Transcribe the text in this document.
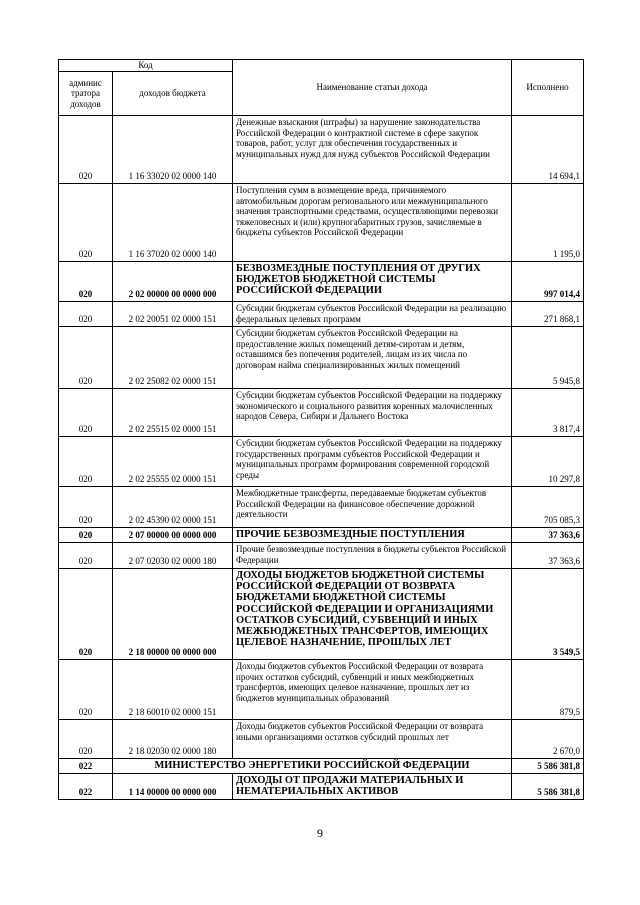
Код		Наименование статьи дохода	Исполнено
админис тратора доходов	доходов бюджета		
020	1 16 33020 02 0000 140	Денежные взыскания (штрафы) за нарушение законодательства Российской Федерации о контрактной системе в сфере закупок товаров, работ, услуг для обеспечения государственных и муниципальных нужд для нужд субъектов Российской Федерации	14 694,1
020	1 16 37020 02 0000 140	Поступления сумм в возмещение вреда, причиняемого автомобильным дорогам регионального или межмуниципального значения транспортными средствами, осуществляющими перевозки тяжеловесных и (или) крупногабаритных грузов, зачисляемые в бюджеты субъектов Российской Федерации	1 195,0
020	2 02 00000 00 0000 000	БЕЗВОЗМЕЗДНЫЕ ПОСТУПЛЕНИЯ ОТ ДРУГИХ БЮДЖЕТОВ БЮДЖЕТНОЙ СИСТЕМЫ РОССИЙСКОЙ ФЕДЕРАЦИИ	997 014,4
020	2 02 20051 02 0000 151	Субсидии бюджетам субъектов Российской Федерации на реализацию федеральных целевых программ	271 868,1
020	2 02 25082 02 0000 151	Субсидии бюджетам субъектов Российской Федерации на предоставление жилых помещений детям-сиротам и детям, оставшимся без попечения родителей, лицам из их числа по договорам найма специализированных жилых помещений	5 945,8
020	2 02 25515 02 0000 151	Субсидии бюджетам субъектов Российской Федерации на поддержку экономического и социального развития коренных малочисленных народов Севера, Сибири и Дальнего Востока	3 817,4
020	2 02 25555 02 0000 151	Субсидии бюджетам субъектов Российской Федерации на поддержку государственных программ субъектов Российской Федерации и муниципальных программ формирования современной городской среды	10 297,8
020	2 02 45390 02 0000 151	Межбюджетные трансферты, передаваемые бюджетам субъектов Российской Федерации на финансовое обеспечение дорожной деятельности	705 085,3
020	2 07 00000 00 0000 000	ПРОЧИЕ БЕЗВОЗМЕЗДНЫЕ ПОСТУПЛЕНИЯ	37 363,6
020	2 07 02030 02 0000 180	Прочие безвозмездные поступления в бюджеты субъектов Российской Федерации	37 363,6
020	2 18 00000 00 0000 000	ДОХОДЫ БЮДЖЕТОВ БЮДЖЕТНОЙ СИСТЕМЫ РОССИЙСКОЙ ФЕДЕРАЦИИ ОТ ВОЗВРАТА БЮДЖЕТАМИ БЮДЖЕТНОЙ СИСТЕМЫ РОССИЙСКОЙ ФЕДЕРАЦИИ И ОРГАНИЗАЦИЯМИ ОСТАТКОВ СУБСИДИЙ, СУБВЕНЦИЙ И ИНЫХ МЕЖБЮДЖЕТНЫХ ТРАНСФЕРТОВ, ИМЕЮЩИХ ЦЕЛЕВОЕ НАЗНАЧЕНИЕ, ПРОШЛЫХ ЛЕТ	3 549,5
020	2 18 60010 02 0000 151	Доходы бюджетов субъектов Российской Федерации от возврата прочих остатков субсидий, субвенций и иных межбюджетных трансфертов, имеющих целевое назначение, прошлых лет из бюджетов муниципальных образований	879,5
020	2 18 02030 02 0000 180	Доходы бюджетов субъектов Российской Федерации от возврата иными организациями остатков субсидий прошлых лет	2 670,0
022	МИНИСТЕРСТВО ЭНЕРГЕТИКИ РОССИЙСКОЙ ФЕДЕРАЦИИ		5 586 381,8
022	1 14 00000 00 0000 000	ДОХОДЫ ОТ ПРОДАЖИ МАТЕРИАЛЬНЫХ И НЕМАТЕРИАЛЬНЫХ АКТИВОВ	5 586 381,8
9
